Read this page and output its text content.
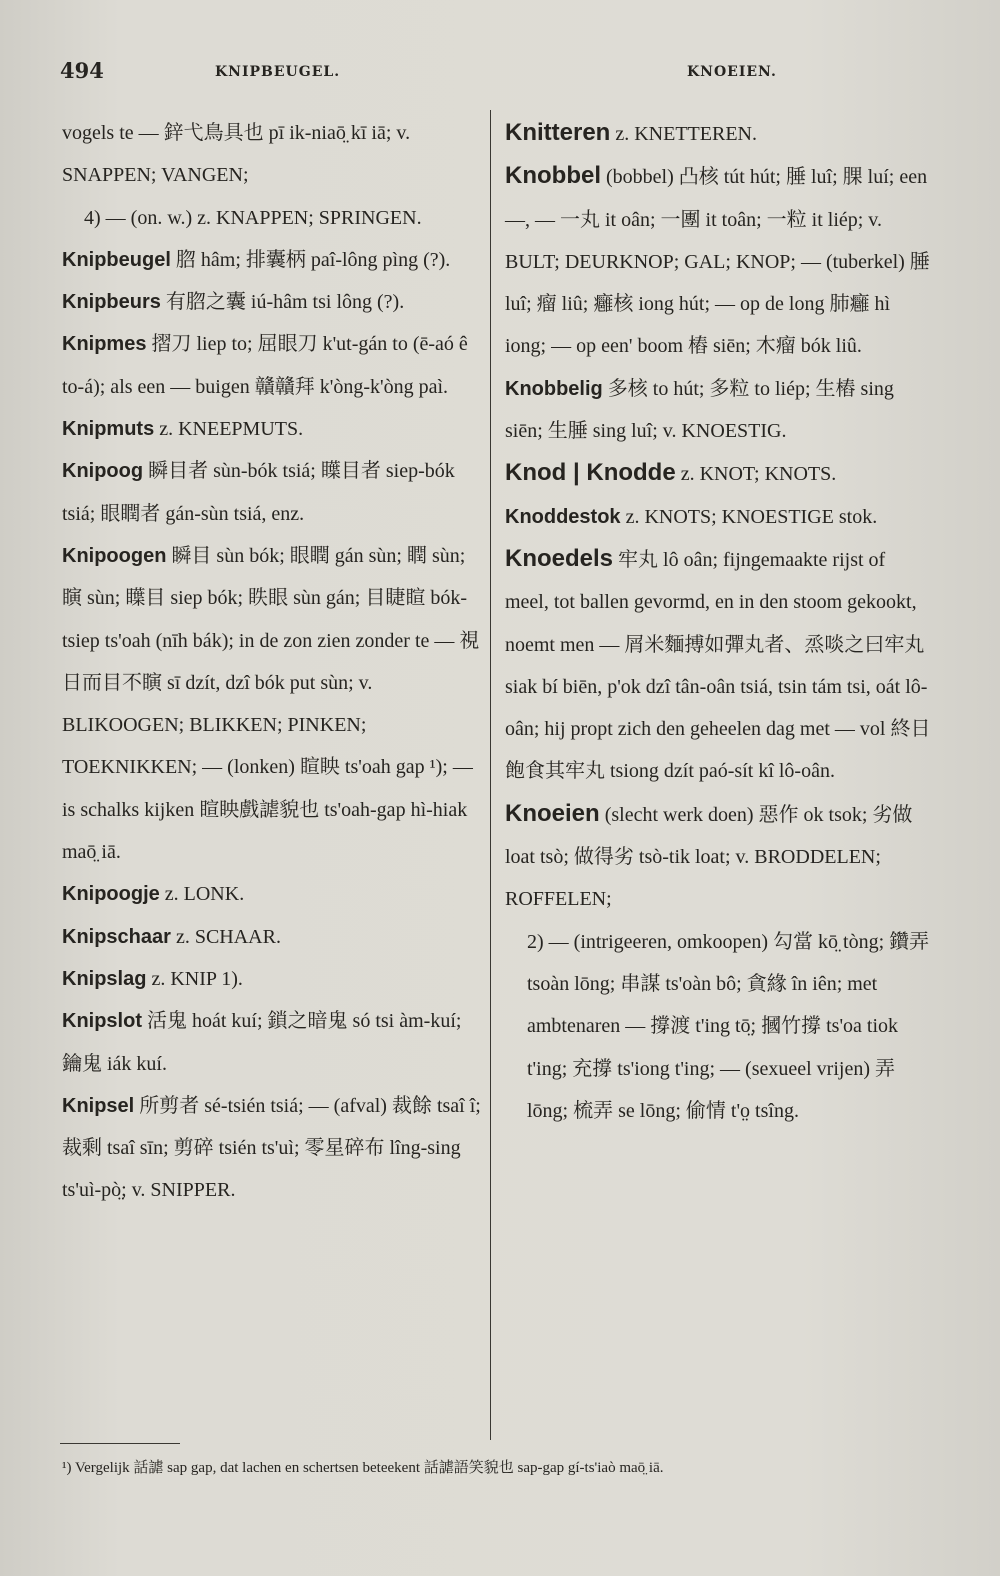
494	KNIPBEUGEL.	KNOEIEN.
vogels te — 鋅弋鳥具也 pī ik-niaō̤ kī iā; v. SNAPPEN; VANGEN;
4) — (on. w.) z. KNAPPEN; SPRINGEN.
Knipbeugel 脗 hâm; 排囊柄 paî-lông pìng (?).
Knipbeurs 有脗之囊 iú-hâm tsi lông (?).
Knipmes 摺刀 liep to; 屈眼刀 k'ut-gán to (ē-aó ê to-á); als een — buigen 贛贛拜 k'òng-k'òng paì.
Knipmuts z. KNEEPMUTS.
Knipoog 瞬目者 sùn-bók tsiá; 瞸目者 siep-bók tsiá; 眼瞤者 gán-sùn tsiá, enz.
Knipoogen 瞬目 sùn bók; 眼瞤 gán sùn; 瞤 sùn; 瞚 sùn; 瞸目 siep bók; 眣眼 sùn gán; 目睫睻 bók-tsiep ts'oah (nīh bák); in de zon zien zonder te — 視日而目不瞚 sī dzít, dzî bók put sùn; v. BLIKOOGEN; BLIKKEN; PINKEN; TOEKNIKKEN; — (lonken) 睻眏 ts'oah gap ¹); — is schalks kijken 睻眏戲謔貌也 ts'oah-gap hì-hiak maō̤ iā.
Knipoogje z. LONK.
Knipschaar z. SCHAAR.
Knipslag z. KNIP 1).
Knipslot 活鬼 hoát kuí; 鎖之暗鬼 só tsi àm-kuí; 鑰鬼 iák kuí.
Knipsel 所剪者 sé-tsién tsiá; — (afval) 裁餘 tsaî î; 裁剩 tsaî sīn; 剪碎 tsién ts'uì; 零星碎布 lîng-sing ts'uì-pò̤; v. SNIPPER.
Knitteren z. KNETTEREN.
Knobbel (bobbel) 凸核 tút hút; 腄 luî; 腂 luí; een —, — 一丸 it oân; 一團 it toân; 一粒 it liép; v. BULT; DEURKNOP; GAL; KNOP; — (tuberkel) 腄 luî; 瘤 liû; 癰核 iong hút; — op de long 肺癰 hì iong; — op een' boom 樁 siēn; 木瘤 bók liû.
Knobbelig 多核 to hút; 多粒 to liép; 生樁 sing siēn; 生腄 sing luî; v. KNOESTIG.
Knod | Knodde z. KNOT; KNOTS.
Knoddestok z. KNOTS; KNOESTIGE stok.
Knoedels 牢丸 lô oân; fijngemaakte rijst of meel, tot ballen gevormd, en in den stoom gekookt, noemt men — 屑米麵搏如彈丸者、烝啖之曰牢丸 siak bí biēn, p'ok dzî tân-oân tsiá, tsin tám tsi, oát lô-oân; hij propt zich den geheelen dag met — vol 終日飽食其牢丸 tsiong dzít paó-sít kî lô-oân.
Knoeien (slecht werk doen) 惡作 ok tsok; 劣做 loat tsò; 做得劣 tsò-tik loat; v. BRODDELEN; ROFFELEN;
2) — (intrigeeren, omkoopen) 勾當 kō̤ tòng; 鑽弄 tsoàn lōng; 串謀 ts'oàn bô; 貪緣 în iên; met ambtenaren — 撐渡 t'ing tō̤; 摑竹撐 ts'oa tiok t'ing; 充撐 ts'iong t'ing; — (sexueel vrijen) 弄 lōng; 梳弄 se lōng; 偷情 t'o̤ tsîng.
¹) Vergelijk 話謔 sap gap, dat lachen en schertsen beteekent 話謔語笑貌也 sap-gap gí-ts'iaò maō̤ iā.
